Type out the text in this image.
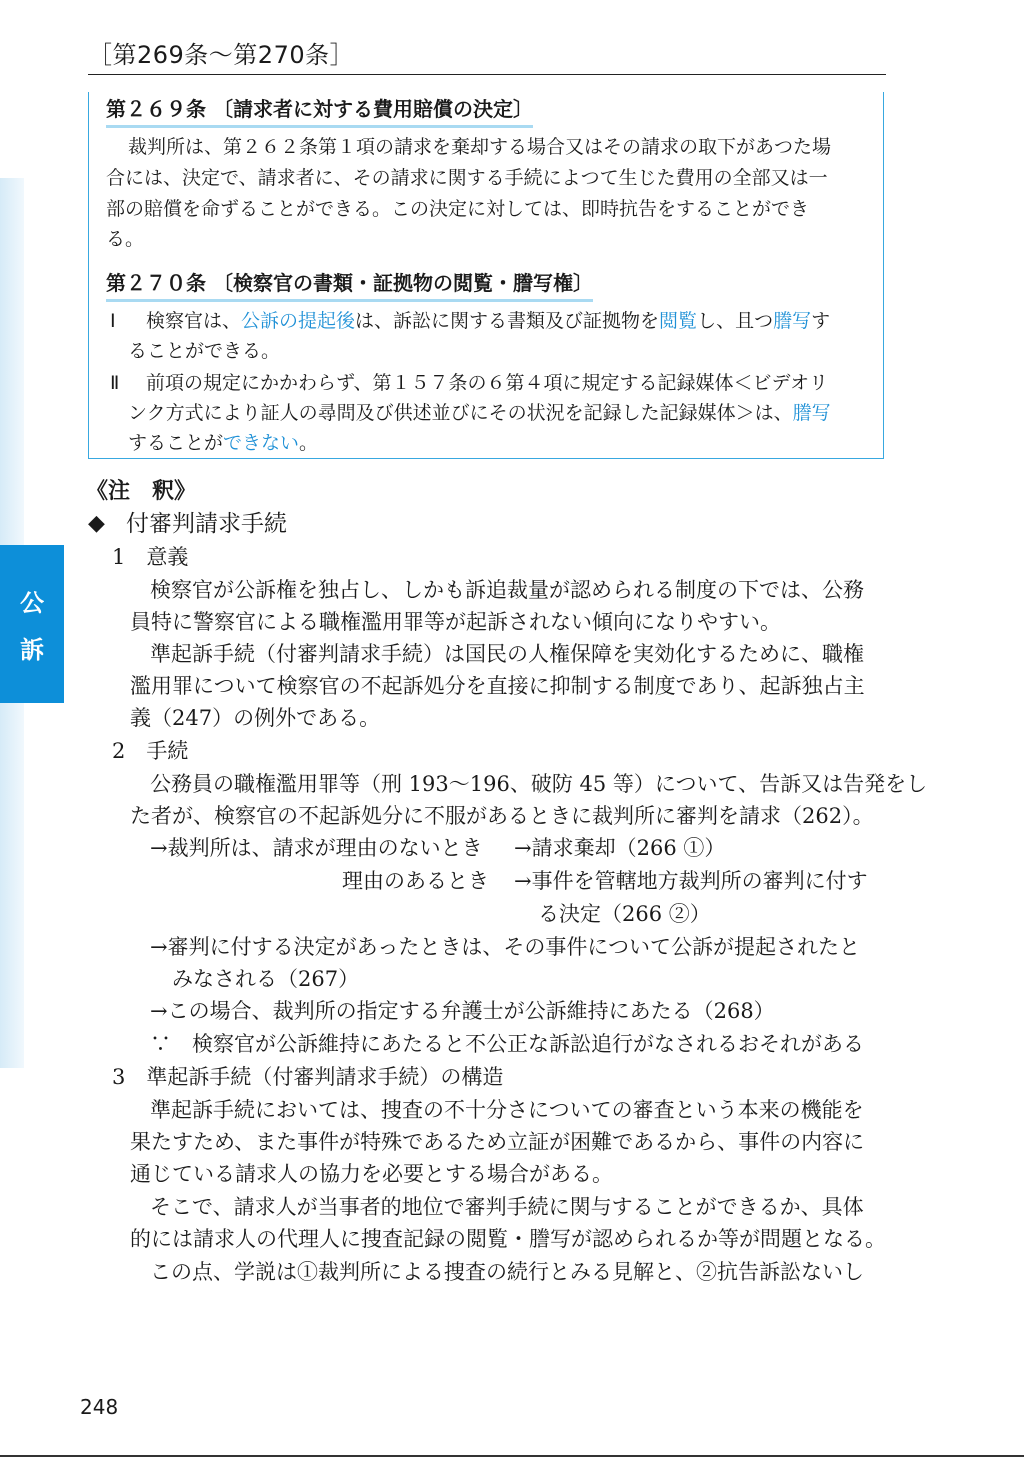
［第269条〜第270条］
公
訴
第２６９条 〔請求者に対する費用賠償の決定〕
裁判所は、第２６２条第１項の請求を棄却する場合又はその請求の取下があつた場
合には、決定で、請求者に、その請求に関する手続によつて生じた費用の全部又は一
部の賠償を命ずることができる。この決定に対しては、即時抗告をすることができ
る。
第２７０条 〔検察官の書類・証拠物の閲覧・謄写権〕
Ⅰ 検察官は、公訴の提起後は、訴訟に関する書類及び証拠物を閲覧し、且つ謄写す
ることができる。
Ⅱ 前項の規定にかかわらず、第１５７条の６第４項に規定する記録媒体＜ビデオリ
ンク方式により証人の尋問及び供述並びにその状況を記録した記録媒体＞は、謄写
することができない。
《注　釈》
◆ 付審判請求手続
1　意義
検察官が公訴権を独占し、しかも訴追裁量が認められる制度の下では、公務
員特に警察官による職権濫用罪等が起訴されない傾向になりやすい。
準起訴手続（付審判請求手続）は国民の人権保障を実効化するために、職権
濫用罪について検察官の不起訴処分を直接に抑制する制度であり、起訴独占主
義（247）の例外である。
2　手続
公務員の職権濫用罪等（刑 193〜196、破防 45 等）について、告訴又は告発をし
た者が、検察官の不起訴処分に不服があるときに裁判所に審判を請求（262）。
→裁判所は、請求が理由のないとき →請求棄却（266 ①）
理由のあるとき →事件を管轄地方裁判所の審判に付す
る決定（266 ②）
→審判に付する決定があったときは、その事件について公訴が提起されたと
みなされる（267）
→この場合、裁判所の指定する弁護士が公訴維持にあたる（268）
∵　検察官が公訴維持にあたると不公正な訴訟追行がなされるおそれがある
3　準起訴手続（付審判請求手続）の構造
準起訴手続においては、捜査の不十分さについての審査という本来の機能を
果たすため、また事件が特殊であるため立証が困難であるから、事件の内容に
通じている請求人の協力を必要とする場合がある。
そこで、請求人が当事者的地位で審判手続に関与することができるか、具体
的には請求人の代理人に捜査記録の閲覧・謄写が認められるか等が問題となる。
この点、学説は①裁判所による捜査の続行とみる見解と、②抗告訴訟ないし
248
